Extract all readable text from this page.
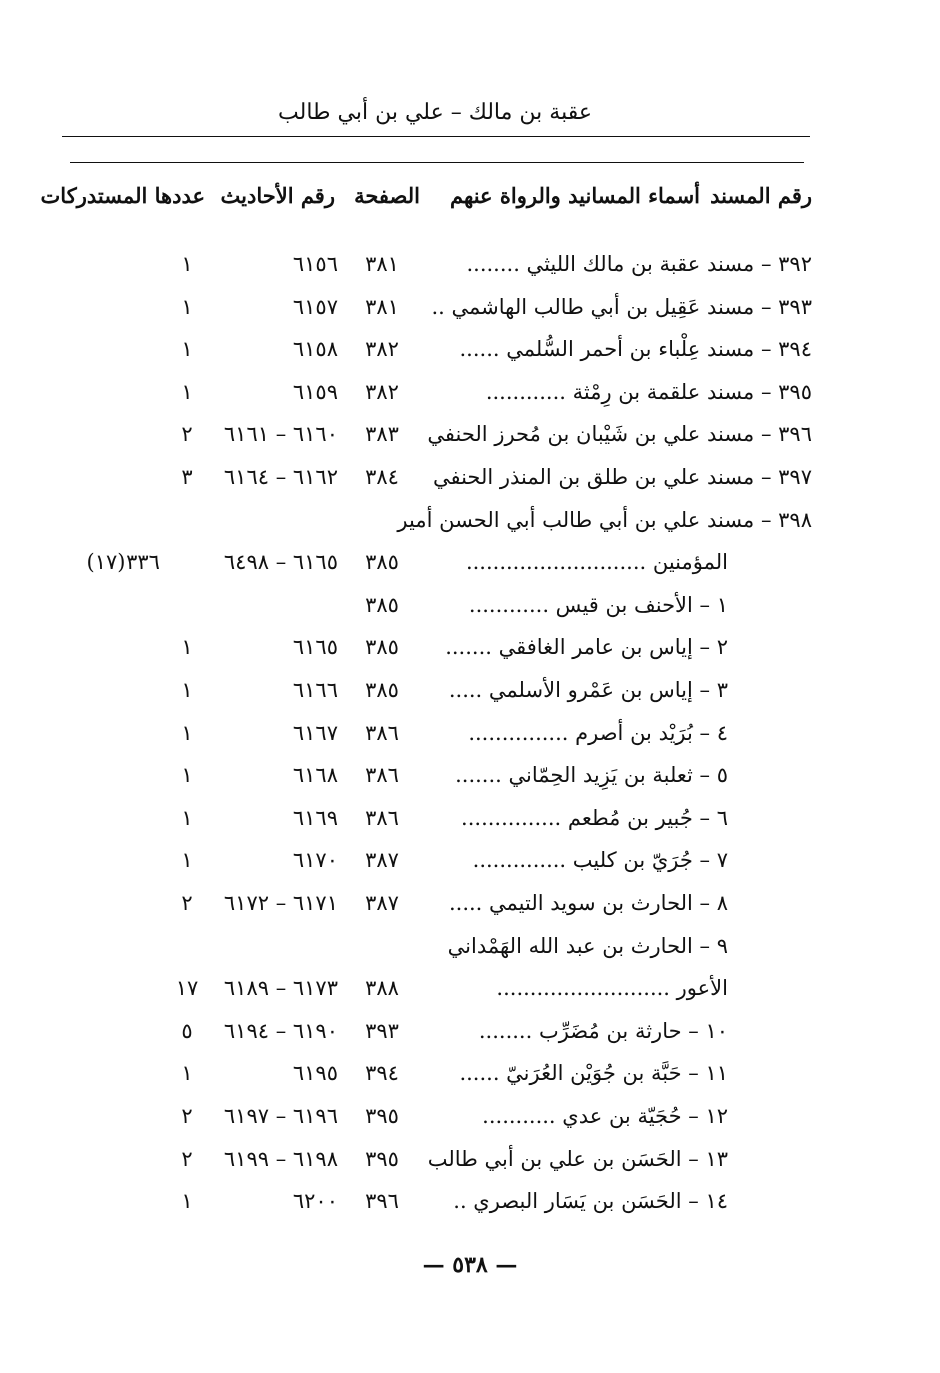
عقبة بن مالك – علي بن أبي طالب
رقم المسند
أسماء المسانيد والرواة عنهم
الصفحة
رقم الأحاديث
عددها المستدركات
٣٩٢ – مسند عقبة بن مالك الليثي ........
٣٨١
٦١٥٦
١
٣٩٣ – مسند عَقِيل بن أبي طالب الهاشمي ..
٣٨١
٦١٥٧
١
٣٩٤ – مسند عِلْباء بن أحمر السُّلمي ......
٣٨٢
٦١٥٨
١
٣٩٥ – مسند علقمة بن رِمْثة ............
٣٨٢
٦١٥٩
١
٣٩٦ – مسند علي بن شَيْبان بن مُحرز الحنفي
٣٨٣
٦١٦٠ – ٦١٦١
٢
٣٩٧ – مسند علي بن طلق بن المنذر الحنفي
٣٨٤
٦١٦٢ – ٦١٦٤
٣
٣٩٨ – مسند علي بن أبي طالب أبي الحسن أمير
المؤمنين ...........................
٣٨٥
٦١٦٥ – ٦٤٩٨
٣٣٦
(١٧)
١ – الأحنف بن قيس ............
٣٨٥
٢ – إياس بن عامر الغافقي .......
٣٨٥
٦١٦٥
١
٣ – إياس بن عَمْرو الأسلمي .....
٣٨٥
٦١٦٦
١
٤ – بُرَيْد بن أصرم ...............
٣٨٦
٦١٦٧
١
٥ – ثعلبة بن يَزِيد الحِمّاني .......
٣٨٦
٦١٦٨
١
٦ – جُبير بن مُطعم ...............
٣٨٦
٦١٦٩
١
٧ – جُرَيّ بن كليب ..............
٣٨٧
٦١٧٠
١
٨ – الحارث بن سويد التيمي .....
٣٨٧
٦١٧١ – ٦١٧٢
٢
٩ – الحارث بن عبد الله الهَمْداني
الأعور ..........................
٣٨٨
٦١٧٣ – ٦١٨٩
١٧
١٠ – حارثة بن مُضَرِّب ........
٣٩٣
٦١٩٠ – ٦١٩٤
٥
١١ – حَبَّة بن جُوَيْن العُرَنيّ ......
٣٩٤
٦١٩٥
١
١٢ – حُجَيّة بن عدي ...........
٣٩٥
٦١٩٦ – ٦١٩٧
٢
١٣ – الحَسَن بن علي بن أبي طالب
٣٩٥
٦١٩٨ – ٦١٩٩
٢
١٤ – الحَسَن بن يَسَار البصري ..
٣٩٦
٦٢٠٠
١
— ٥٣٨ —
